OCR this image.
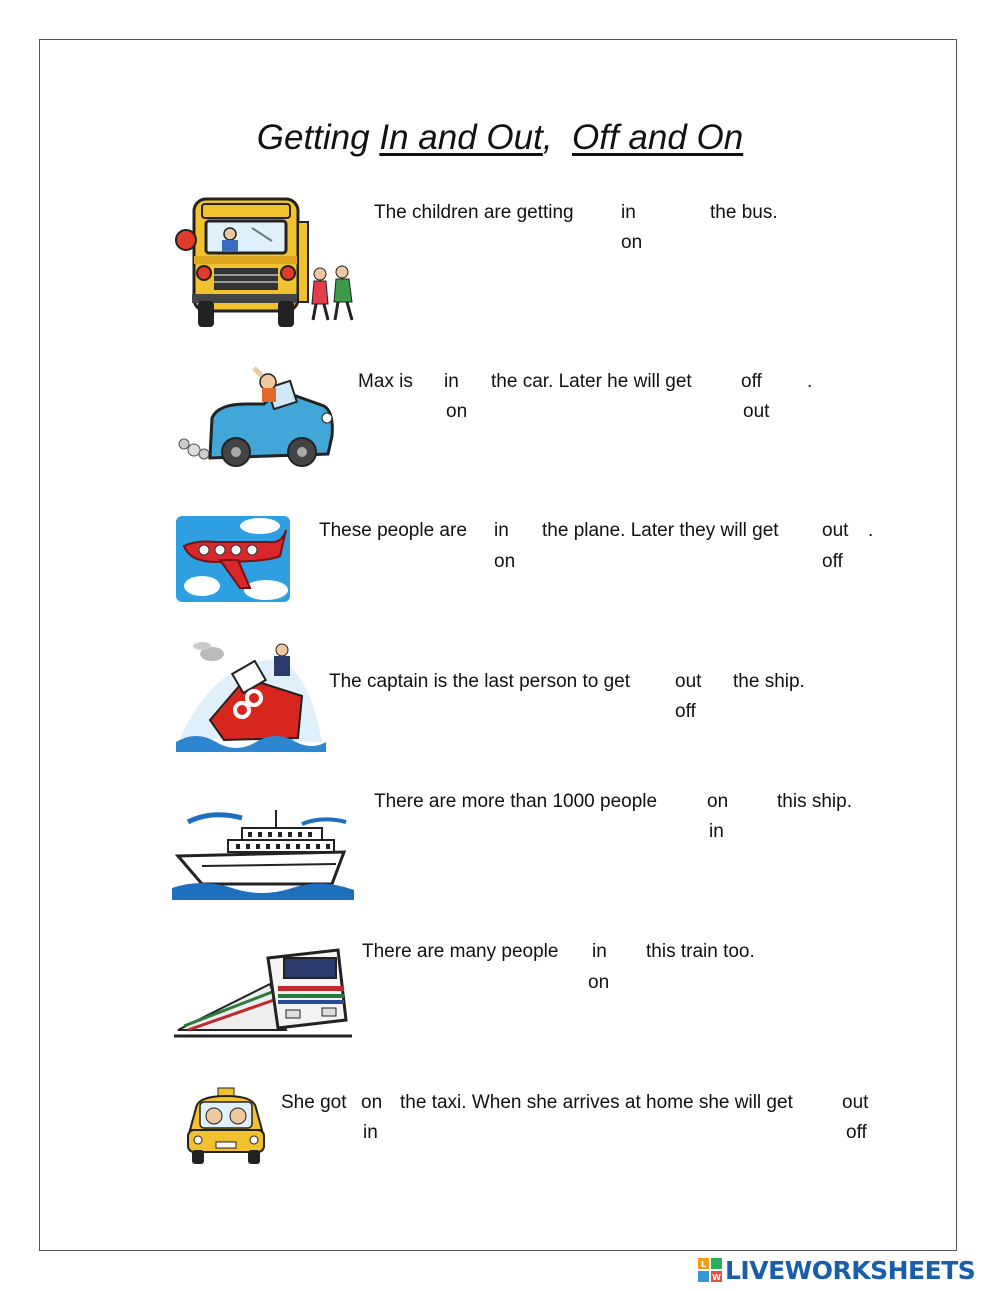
Getting In and Out, Off and On
The children are getting in
on
the bus.
Max is in
on
the car. Later he will get	off
out
.
These people are in
on
the plane. Later they will get out
off
.
The captain is the last person to get out
off
the ship.
There are more than 1000 people	on
in
this ship.
There are many people in
on
this train too.
She got on
in
the taxi. When she arrives at home she will get	out
off
L
W LIVEWORKSHEETS
